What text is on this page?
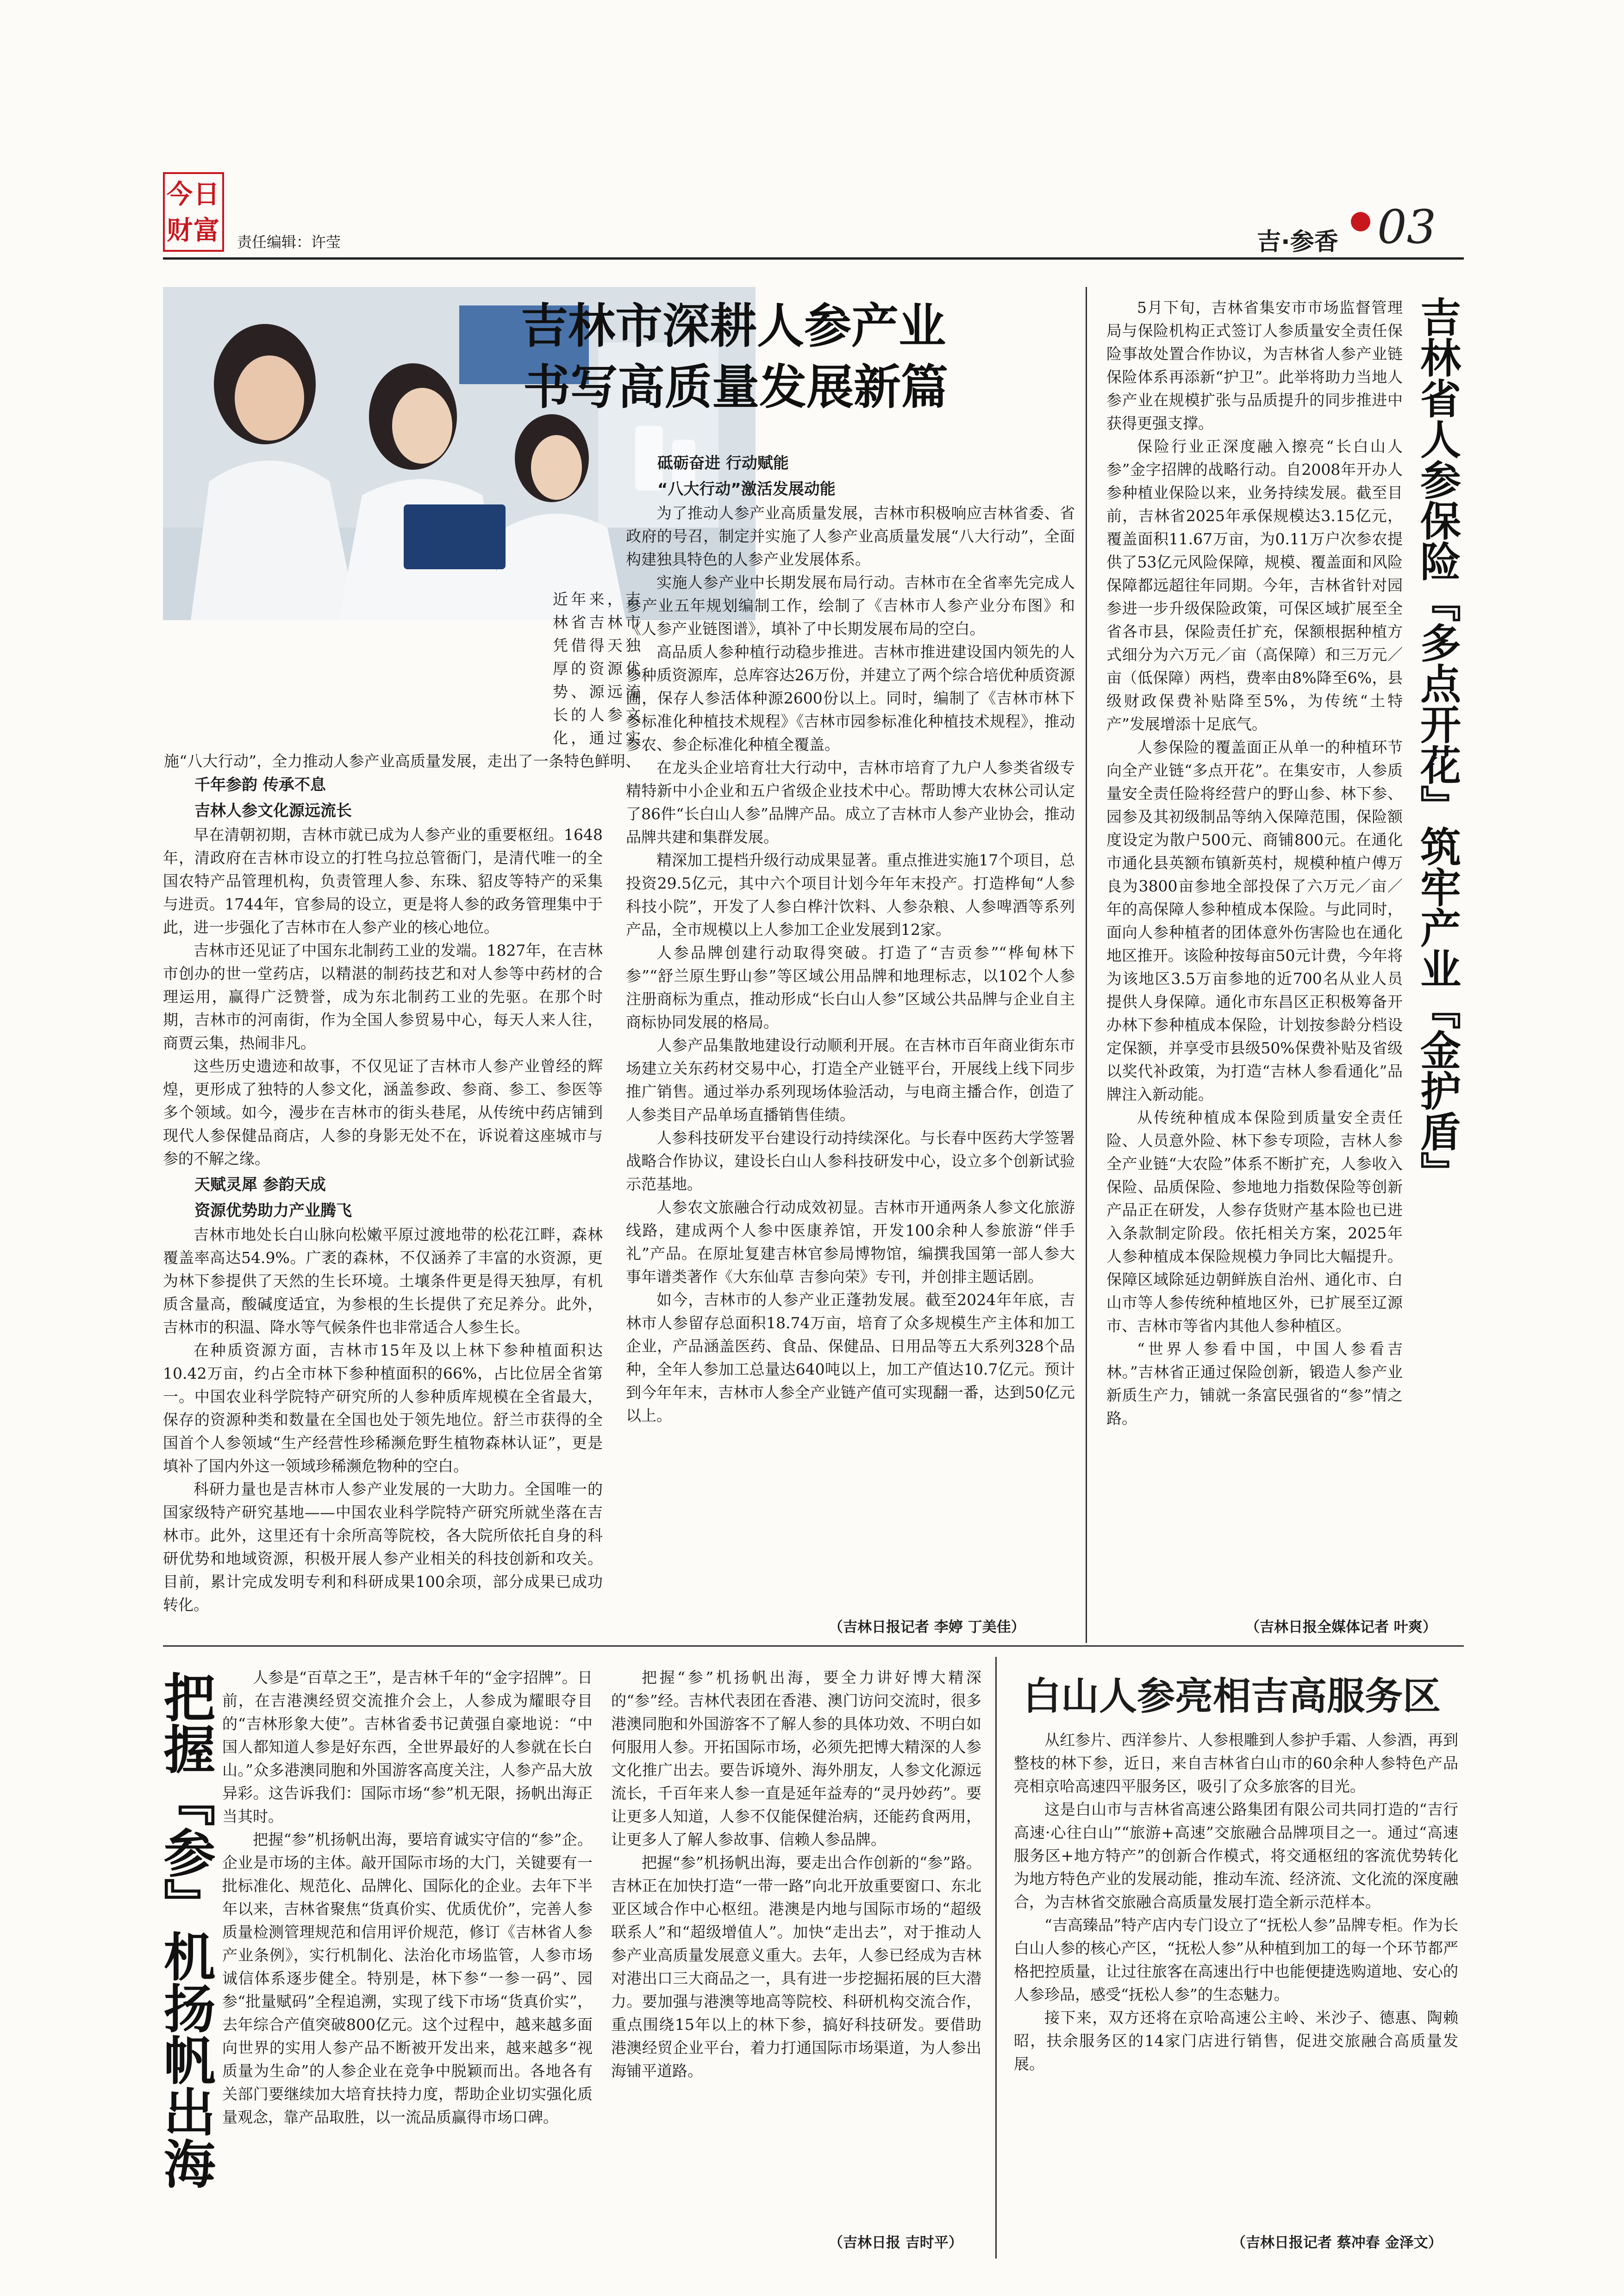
今日财富 责任编辑：许莹	吉·参香 03
吉林市深耕人参产业
书写高质量发展新篇
近年来，吉林省吉林市凭借得天独厚的资源优势、源远流长的人参文化，通过实施“八大行动”，全力推动人参产业高质量发展，走出了一条特色鲜明、
千年参韵 传承不息
吉林人参文化源远流长

早在清朝初期，吉林市就已成为人参产业的重要枢纽。1648年，清政府在吉林市设立的打牲乌拉总管衙门，是清代唯一的全国农特产品管理机构，负责管理人参、东珠、貂皮等特产的采集与进贡。1744年，官参局的设立，更是将人参的政务管理集中于此，进一步强化了吉林市在人参产业的核心地位。

吉林市还见证了中国东北制药工业的发端。1827年，在吉林市创办的世一堂药店，以精湛的制药技艺和对人参等中药材的合理运用，赢得广泛赞誉，成为东北制药工业的先驱。在那个时期，吉林市的河南街，作为全国人参贸易中心，每天人来人往，商贾云集，热闹非凡。

这些历史遗迹和故事，不仅见证了吉林市人参产业曾经的辉煌，更形成了独特的人参文化，涵盖参政、参商、参工、参医等多个领域。如今，漫步在吉林市的街头巷尾，从传统中药店铺到现代人参保健品商店，人参的身影无处不在，诉说着这座城市与参的不解之缘。

天赋灵犀 参韵天成
资源优势助力产业腾飞

吉林市地处长白山脉向松嫩平原过渡地带的松花江畔，森林覆盖率高达54.9%。广袤的森林，不仅涵养了丰富的水资源，更为林下参提供了天然的生长环境。土壤条件更是得天独厚，有机质含量高，酸碱度适宜，为参根的生长提供了充足养分。此外，吉林市的积温、降水等气候条件也非常适合人参生长。

在种质资源方面，吉林市15年及以上林下参种植面积达10.42万亩，约占全市林下参种植面积的66%，占比位居全省第一。中国农业科学院特产研究所的人参种质库规模在全省最大，保存的资源种类和数量在全国也处于领先地位。舒兰市获得的全国首个人参领域“生产经营性珍稀濒危野生植物森林认证”，更是填补了国内外这一领域珍稀濒危物种的空白。

科研力量也是吉林市人参产业发展的一大助力。全国唯一的国家级特产研究基地——中国农业科学院特产研究所就坐落在吉林市。此外，这里还有十余所高等院校，各大院所依托自身的科研优势和地域资源，积极开展人参产业相关的科技创新和攻关。目前，累计完成发明专利和科研成果100余项，部分成果已成功转化。

砥砺奋进 行动赋能
“八大行动”激活发展动能

为了推动人参产业高质量发展，吉林市积极响应吉林省委、省政府的号召，制定并实施了人参产业高质量发展“八大行动”，全面构建独具特色的人参产业发展体系。

实施人参产业中长期发展布局行动。吉林市在全省率先完成人参产业五年规划编制工作，绘制了《吉林市人参产业分布图》和《人参产业链图谱》，填补了中长期发展布局的空白。

高品质人参种植行动稳步推进。吉林市推进建设国内领先的人参种质资源库，总库容达26万份，并建立了两个综合培优种质资源圃，保存人参活体种源2600份以上。同时，编制了《吉林市林下参标准化种植技术规程》《吉林市园参标准化种植技术规程》，推动参农、参企标准化种植全覆盖。

在龙头企业培育壮大行动中，吉林市培育了九户人参类省级专精特新中小企业和五户省级企业技术中心。帮助博大农林公司认定了86件“长白山人参”品牌产品。成立了吉林市人参产业协会，推动品牌共建和集群发展。

精深加工提档升级行动成果显著。重点推进实施17个项目，总投资29.5亿元，其中六个项目计划今年年末投产。打造桦甸“人参科技小院”，开发了人参白桦汁饮料、人参杂粮、人参啤酒等系列产品，全市规模以上人参加工企业发展到12家。

人参品牌创建行动取得突破。打造了“吉贡参”“桦甸林下参”“舒兰原生野山参”等区域公用品牌和地理标志，以102个人参注册商标为重点，推动形成“长白山人参”区域公共品牌与企业自主商标协同发展的格局。

人参产品集散地建设行动顺利开展。在吉林市百年商业街东市场建立关东药材交易中心，打造全产业链平台，开展线上线下同步推广销售。通过举办系列现场体验活动，与电商主播合作，创造了人参类目产品单场直播销售佳绩。

人参科技研发平台建设行动持续深化。与长春中医药大学签署战略合作协议，建设长白山人参科技研发中心，设立多个创新试验示范基地。

人参农文旅融合行动成效初显。吉林市开通两条人参文化旅游线路，建成两个人参中医康养馆，开发100余种人参旅游“伴手礼”产品。在原址复建吉林官参局博物馆，编撰我国第一部人参大事年谱类著作《大东仙草 吉参向荣》专刊，并创排主题话剧。

如今，吉林市的人参产业正蓬勃发展。截至2024年年底，吉林市人参留存总面积18.74万亩，培育了众多规模生产主体和加工企业，产品涵盖医药、食品、保健品、日用品等五大系列328个品种，全年人参加工总量达640吨以上，加工产值达10.7亿元。预计到今年年末，吉林市人参全产业链产值可实现翻一番，达到50亿元以上。

（吉林日报记者 李婷 丁美佳）

5月下旬，吉林省集安市市场监督管理局与保险机构正式签订人参质量安全责任保险事故处置合作协议，为吉林省人参产业链保险体系再添新“护卫”。此举将助力当地人参产业在规模扩张与品质提升的同步推进中获得更强支撑。

保险行业正深度融入擦亮“长白山人参”金字招牌的战略行动。自2008年开办人参种植业保险以来，业务持续发展。截至目前，吉林省2025年承保规模达3.15亿元，覆盖面积11.67万亩，为0.11万户次参农提供了53亿元风险保障，规模、覆盖面和风险保障都远超往年同期。今年，吉林省针对园参进一步升级保险政策，可保区域扩展至全省各市县，保险责任扩充，保额根据种植方式细分为六万元／亩（高保障）和三万元／亩（低保障）两档，费率由8%降至6%，县级财政保费补贴降至5%，为传统“土特产”发展增添十足底气。

人参保险的覆盖面正从单一的种植环节向全产业链“多点开花”。在集安市，人参质量安全责任险将经营户的野山参、林下参、园参及其初级制品等纳入保障范围，保险额度设定为散户500元、商铺800元。在通化市通化县英额布镇新英村，规模种植户傅万良为3800亩参地全部投保了六万元／亩／年的高保障人参种植成本保险。与此同时，面向人参种植者的团体意外伤害险也在通化地区推开。该险种按每亩50元计费，今年将为该地区3.5万亩参地的近700名从业人员提供人身保障。通化市东昌区正积极筹备开办林下参种植成本保险，计划按参龄分档设定保额，并享受市县级50%保费补贴及省级以奖代补政策，为打造“吉林人参看通化”品牌注入新动能。

从传统种植成本保险到质量安全责任险、人员意外险、林下参专项险，吉林人参全产业链“大农险”体系不断扩充，人参收入保险、品质保险、参地地力指数保险等创新产品正在研发，人参存货财产基本险也已进入条款制定阶段。依托相关方案，2025年人参种植成本保险规模力争同比大幅提升。保障区域除延边朝鲜族自治州、通化市、白山市等人参传统种植地区外，已扩展至辽源市、吉林市等省内其他人参种植区。

“世界人参看中国，中国人参看吉林。”吉林省正通过保险创新，锻造人参产业新质生产力，铺就一条富民强省的“参”情之路。

吉林省人参保险『多点开花』筑牢产业『金护盾』
（吉林日报全媒体记者 叶爽）
把握『参』机扬帆出海	人参是“百草之王”，是吉林千年的“金字招牌”。日前，在吉港澳经贸交流推介会上，人参成为耀眼夺目的“吉林形象大使”。吉林省委书记黄强自豪地说：“中国人都知道人参是好东西，全世界最好的人参就在长白山。”众多港澳同胞和外国游客高度关注，人参产品大放异彩。这告诉我们：国际市场“参”机无限，扬帆出海正当其时。

把握“参”机扬帆出海，要培育诚实守信的“参”企。企业是市场的主体。敲开国际市场的大门，关键要有一批标准化、规范化、品牌化、国际化的企业。去年下半年以来，吉林省聚焦“货真价实、优质优价”，完善人参质量检测管理规范和信用评价规范，修订《吉林省人参产业条例》，实行机制化、法治化市场监管，人参市场诚信体系逐步健全。特别是，林下参“一参一码”、园参“批量赋码”全程追溯，实现了线下市场“货真价实”，去年综合产值突破800亿元。这个过程中，越来越多面向世界的实用人参产品不断被开发出来，越来越多“视质量为生命”的人参企业在竞争中脱颖而出。各地各有关部门要继续加大培育扶持力度，帮助企业切实强化质量观念，靠产品取胜，以一流品质赢得市场口碑。

把握“参”机扬帆出海，要全力讲好博大精深的“参”经。吉林代表团在香港、澳门访问交流时，很多港澳同胞和外国游客不了解人参的具体功效、不明白如何服用人参。开拓国际市场，必须先把博大精深的人参文化推广出去。要告诉境外、海外朋友，人参文化源远流长，千百年来人参一直是延年益寿的“灵丹妙药”。要让更多人知道，人参不仅能保健治病，还能药食两用，让更多人了解人参故事、信赖人参品牌。

把握“参”机扬帆出海，要走出合作创新的“参”路。吉林正在加快打造“一带一路”向北开放重要窗口、东北亚区域合作中心枢纽。港澳是内地与国际市场的“超级联系人”和“超级增值人”。加快“走出去”，对于推动人参产业高质量发展意义重大。去年，人参已经成为吉林对港出口三大商品之一，具有进一步挖掘拓展的巨大潜力。要加强与港澳等地高等院校、科研机构交流合作，重点围绕15年以上的林下参，搞好科技研发。要借助港澳经贸企业平台，着力打通国际市场渠道，为人参出海铺平道路。

（吉林日报 吉时平）
白山人参亮相吉高服务区

从红参片、西洋参片、人参根雕到人参护手霜、人参酒，再到整枝的林下参，近日，来自吉林省白山市的60余种人参特色产品亮相京哈高速四平服务区，吸引了众多旅客的目光。

这是白山市与吉林省高速公路集团有限公司共同打造的“吉行高速·心往白山”“旅游+高速”交旅融合品牌项目之一。通过“高速服务区+地方特产”的创新合作模式，将交通枢纽的客流优势转化为地方特色产业的发展动能，推动车流、经济流、文化流的深度融合，为吉林省交旅融合高质量发展打造全新示范样本。

“吉高臻品”特产店内专门设立了“抚松人参”品牌专柜。作为长白山人参的核心产区，“抚松人参”从种植到加工的每一个环节都严格把控质量，让过往旅客在高速出行中也能便捷选购道地、安心的人参珍品，感受“抚松人参”的生态魅力。

接下来，双方还将在京哈高速公主岭、米沙子、德惠、陶赖昭，扶余服务区的14家门店进行销售，促进交旅融合高质量发展。

（吉林日报记者 蔡冲春 金泽文）
